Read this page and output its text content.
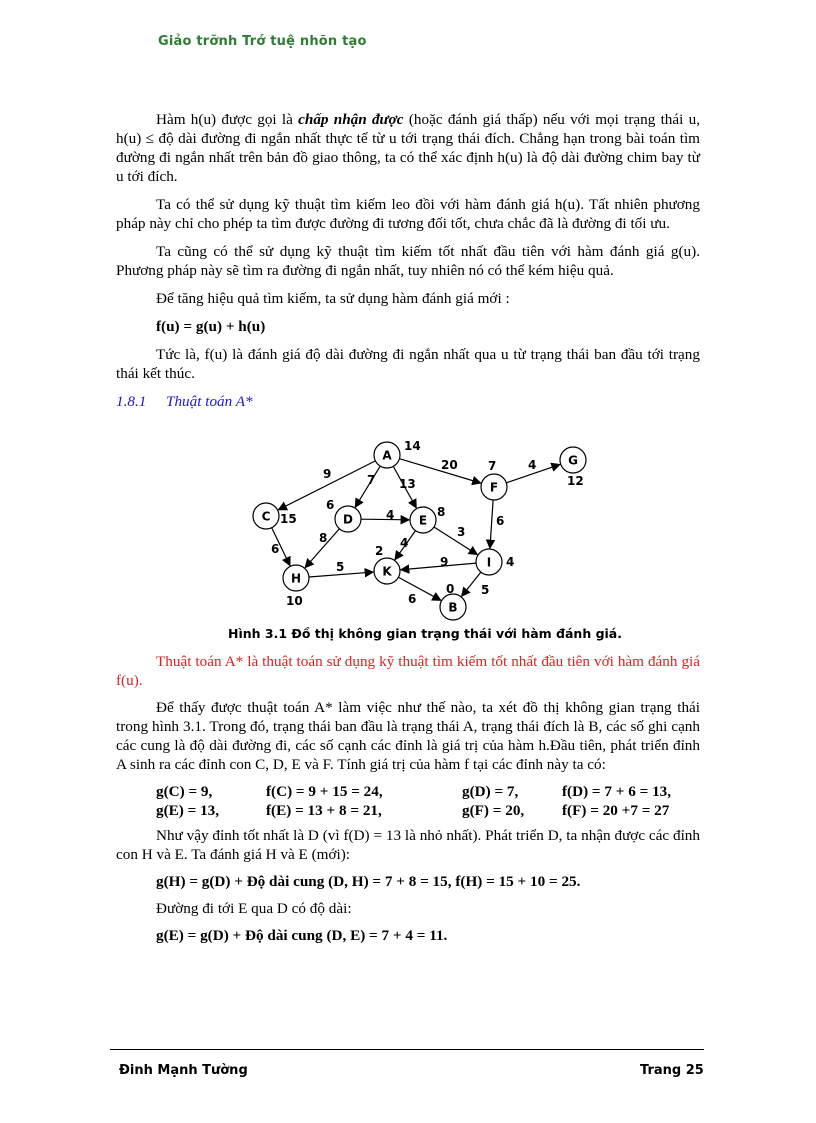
Giảo trỡnh Trớ tuệ nhõn tạo

Hàm h(u) được gọi là chấp nhận được (hoặc đánh giá thấp) nếu với mọi trạng thái u, h(u) ≤ độ dài đường đi ngắn nhất thực tế từ u tới trạng thái đích. Chẳng hạn trong bài toán tìm đường đi ngắn nhất trên bản đồ giao thông, ta có thể xác định h(u) là độ dài đường chim bay từ u tới đích.

Ta có thể sử dụng kỹ thuật tìm kiếm leo đồi với hàm đánh giá h(u). Tất nhiên phương pháp này chỉ cho phép ta tìm được đường đi tương đối tốt, chưa chắc đã là đường đi tối ưu.

Ta cũng có thể sử dụng kỹ thuật tìm kiếm tốt nhất đầu tiên với hàm đánh giá g(u). Phương pháp này sẽ tìm ra đường đi ngắn nhất, tuy nhiên nó có thể kém hiệu quả.

Để tăng hiệu quả tìm kiếm, ta sử dụng hàm đánh giá mới :

f(u) = g(u) + h(u)

Tức là, f(u) là đánh giá độ dài đường đi ngắn nhất qua u từ trạng thái ban đầu tới trạng thái kết thúc.

1.8.1 Thuật toán A*
9	7 13
20	4
6
6
8
4
4
3
5	9
6
5
A
14
G
12
F
7
C 15	D
6
E
8
I 4
H
10
K
2
B
0
Hình 3.1 Đồ thị không gian trạng thái với hàm đánh giá.

Thuật toán A* là thuật toán sử dụng kỹ thuật tìm kiếm tốt nhất đầu tiên với hàm đánh giá f(u).

Để thấy được thuật toán A* làm việc như thế nào, ta xét đồ thị không gian trạng thái trong hình 3.1. Trong đó, trạng thái ban đầu là trạng thái A, trạng thái đích là B, các số ghi cạnh các cung là độ dài đường đi, các số cạnh các đỉnh là giá trị của hàm h.Đầu tiên, phát triển đỉnh A sinh ra các đỉnh con C, D, E và F. Tính giá trị của hàm f tại các đỉnh này ta có:

g(C) = 9,	f(C) = 9 + 15 = 24,	g(D) = 7,	f(D) = 7 + 6 = 13,
g(E) = 13,	f(E) = 13 + 8 = 21,	g(F) = 20,	f(F) = 20 +7 = 27

Như vậy đỉnh tốt nhất là D (vì f(D) = 13 là nhỏ nhất). Phát triển D, ta nhận được các đỉnh con H và E. Ta đánh giá H và E (mới):

g(H) = g(D) + Độ dài cung (D, H) = 7 + 8 = 15, f(H) = 15 + 10 = 25.

Đường đi tới E qua D có độ dài:

g(E) = g(D) + Độ dài cung (D, E) = 7 + 4 = 11.

Đinh Mạnh Tường	Trang 25
